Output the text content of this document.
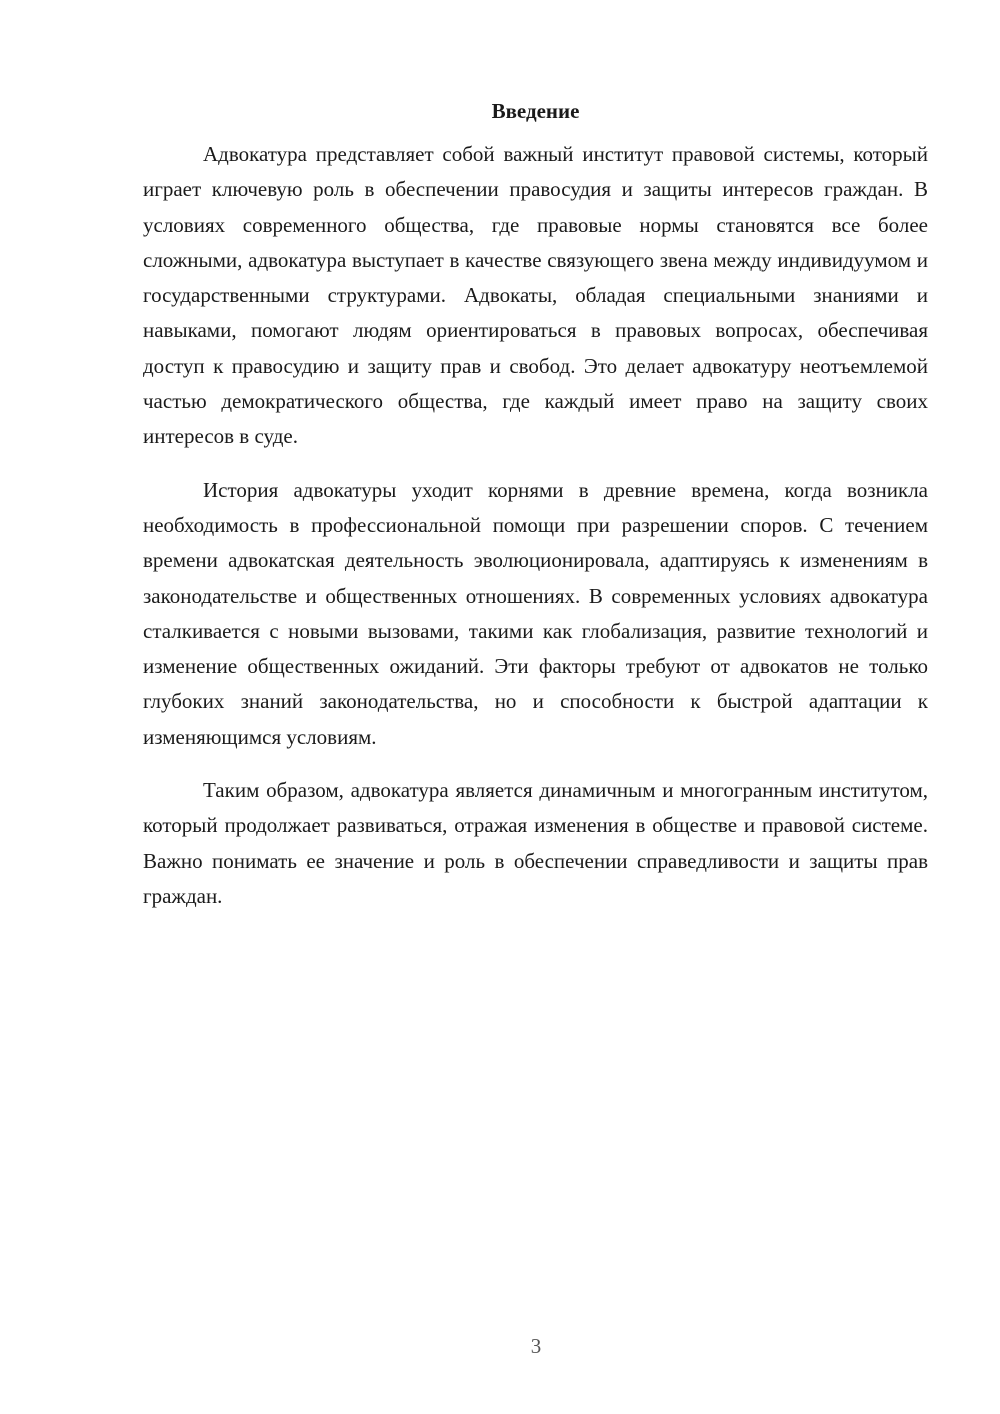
Введение

Адвокатура представляет собой важный институт правовой системы, который играет ключевую роль в обеспечении правосудия и защиты интересов граждан. В условиях современного общества, где правовые нормы становятся все более сложными, адвокатура выступает в качестве связующего звена между индивидуумом и государственными структурами. Адвокаты, обладая специальными знаниями и навыками, помогают людям ориентироваться в правовых вопросах, обеспечивая доступ к правосудию и защиту прав и свобод. Это делает адвокатуру неотъемлемой частью демократического общества, где каждый имеет право на защиту своих интересов в суде.

История адвокатуры уходит корнями в древние времена, когда возникла необходимость в профессиональной помощи при разрешении споров. С течением времени адвокатская деятельность эволюционировала, адаптируясь к изменениям в законодательстве и общественных отношениях. В современных условиях адвокатура сталкивается с новыми вызовами, такими как глобализация, развитие технологий и изменение общественных ожиданий. Эти факторы требуют от адвокатов не только глубоких знаний законодательства, но и способности к быстрой адаптации к изменяющимся условиям.

Таким образом, адвокатура является динамичным и многогранным институтом, который продолжает развиваться, отражая изменения в обществе и правовой системе. Важно понимать ее значение и роль в обеспечении справедливости и защиты прав граждан.

3
